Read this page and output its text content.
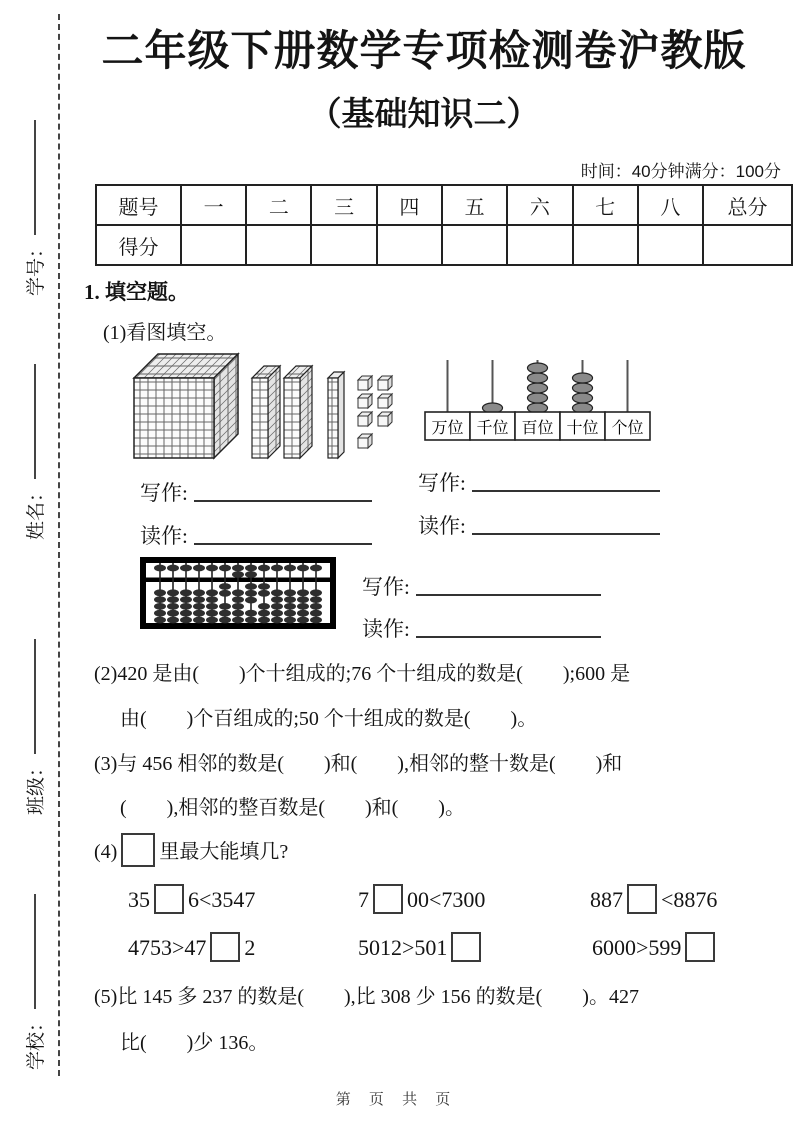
学号：
姓名：
班级：
学校：
二年级下册数学专项检测卷沪教版
（基础知识二）
时间：40分钟满分：100分
题号	一	二	三	四	五	六	七	八	总分
得分									
1. 填空题。
(1)看图填空。
万位 千位 百位 十位 个位
写作:
读作:
写作:
读作:
写作:
读作:
(2)420 是由(        )个十组成的;76 个十组成的数是(        );600 是
由(        )个百组成的;50 个十组成的数是(        )。
(3)与 456 相邻的数是(        )和(        ),相邻的整十数是(        )和
(        ),相邻的整百数是(        )和(        )。
(4) 里最大能填几?
35 6<3547	7 00<7300	887 <8876
4753>47 2	5012>501	6000>599
(5)比 145 多 237 的数是(        ),比 308 少 156 的数是(        )。427
比(        )少 136。
第 页 共 页
